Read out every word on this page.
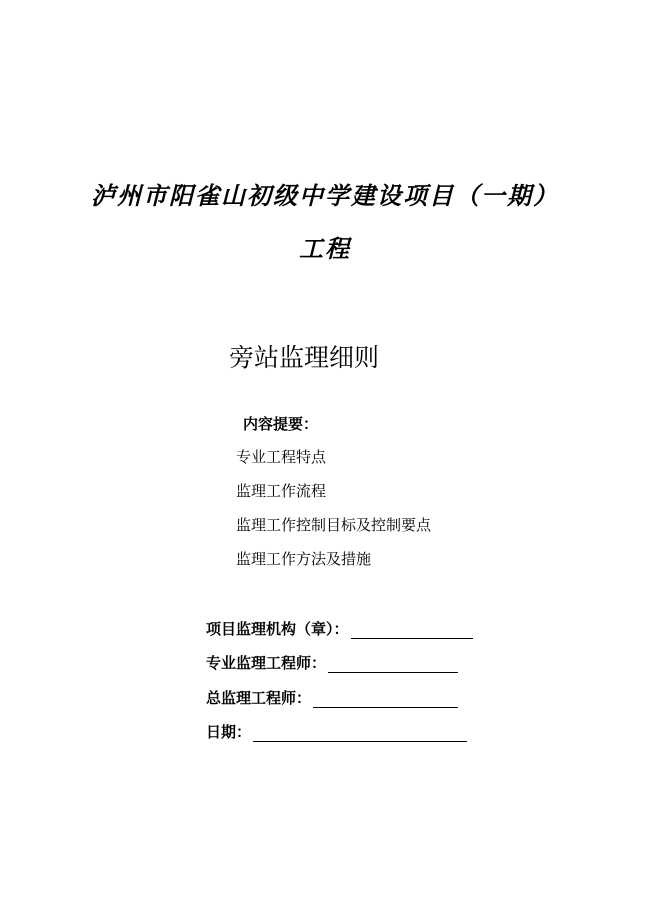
泸州市阳雀山初级中学建设项目（一期）
工程
旁站监理细则
内容提要：
专业工程特点
监理工作流程
监理工作控制目标及控制要点
监理工作方法及措施
项目监理机构（章）：
专业监理工程师：
总监理工程师：
日期：
